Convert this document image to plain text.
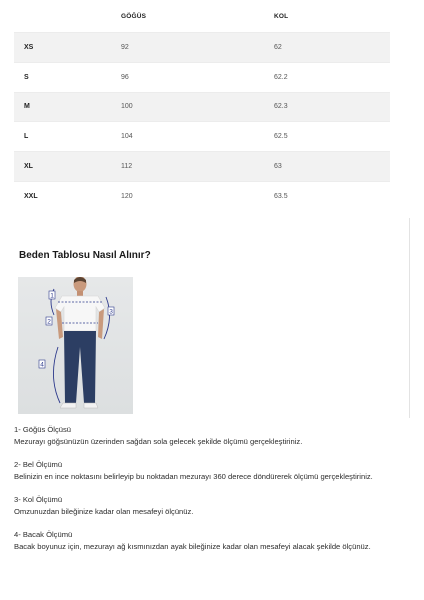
	GÖĞÜS	KOL
XS	92	62
S	96	62.2
M	100	62.3
L	104	62.5
XL	112	63
XXL	120	63.5
Beden Tablosu Nasıl Alınır?
1
2
3
4

1- Göğüs Ölçüsü

Mezurayı göğsünüzün üzerinden sağdan sola gelecek şekilde ölçümü gerçekleştiriniz.

2- Bel Ölçümü

Belinizin en ince noktasını belirleyip bu noktadan mezurayı 360 derece döndürerek ölçümü gerçekleştiriniz.

3- Kol Ölçümü

Omzunuzdan bileğinize kadar olan mesafeyi ölçünüz.

4- Bacak Ölçümü

Bacak boyunuz için, mezurayı ağ kısmınızdan ayak bileğinize kadar olan mesafeyi alacak şekilde ölçünüz.
